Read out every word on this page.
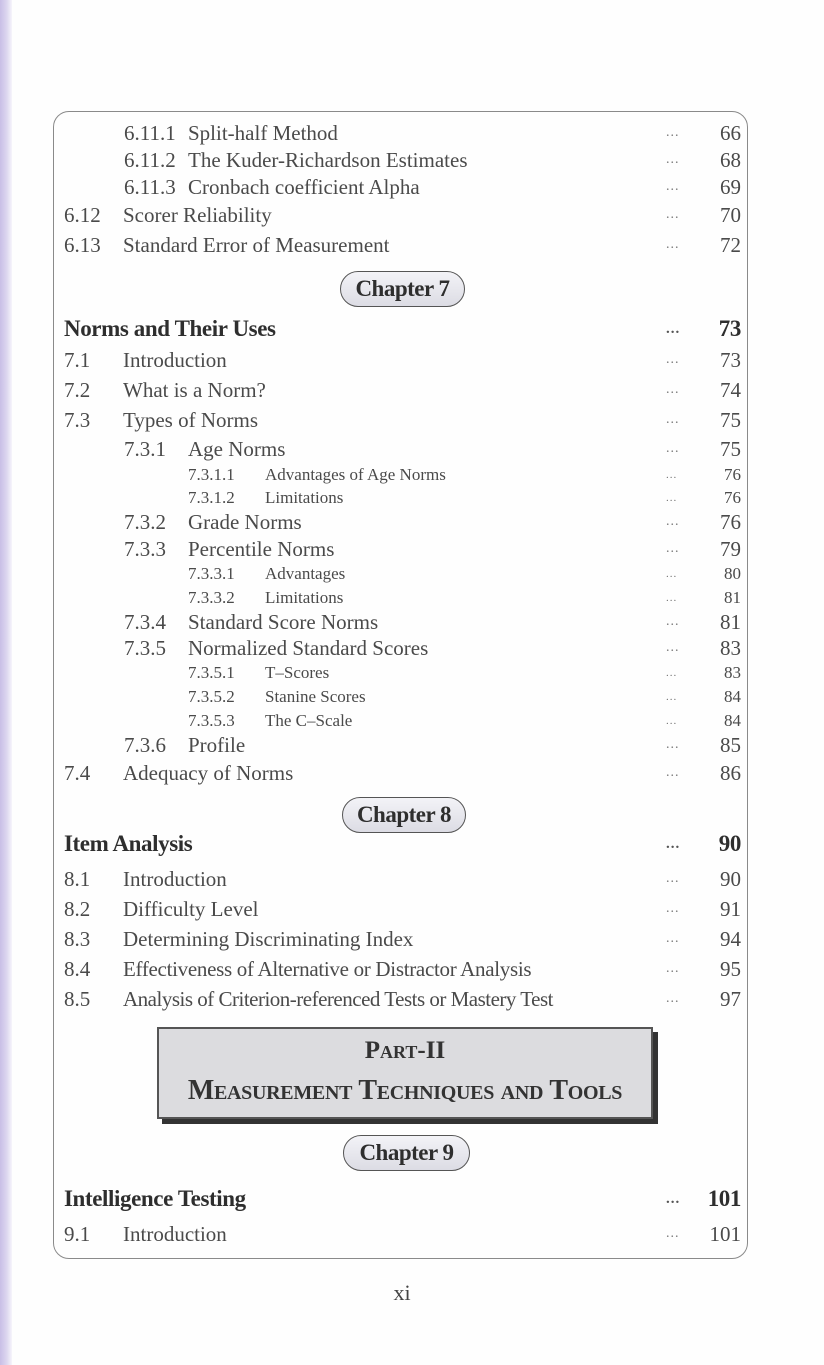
6.11.1 Split-half Method	... 66
6.11.2 The Kuder-Richardson Estimates	... 68
6.11.3 Cronbach coefficient Alpha	... 69
6.12 Scorer Reliability	... 70
6.13 Standard Error of Measurement	... 72
Chapter 7
Norms and Their Uses	... 73
7.1 Introduction	... 73
7.2 What is a Norm?	... 74
7.3 Types of Norms	... 75
7.3.1 Age Norms	... 75
7.3.1.1 Advantages of Age Norms	...	76
7.3.1.2 Limitations	...	76
7.3.2 Grade Norms	... 76
7.3.3 Percentile Norms	... 79
7.3.3.1 Advantages	...	80
7.3.3.2 Limitations	...	81
7.3.4 Standard Score Norms	... 81
7.3.5 Normalized Standard Scores	... 83
7.3.5.1 T–Scores	...	83
7.3.5.2 Stanine Scores	...	84
7.3.5.3 The C–Scale	...	84
7.3.6 Profile	... 85
7.4 Adequacy of Norms	... 86
Chapter 8
Item Analysis	... 90
8.1 Introduction	... 90
8.2 Difficulty Level	... 91
8.3 Determining Discriminating Index	... 94
8.4 Effectiveness of Alternative or Distractor Analysis	... 95
8.5 Analysis of Criterion-referenced Tests or Mastery Test	... 97
Part-II
Measurement Techniques and Tools
Chapter 9
Intelligence Testing	... 101
9.1 Introduction	... 101
xi
